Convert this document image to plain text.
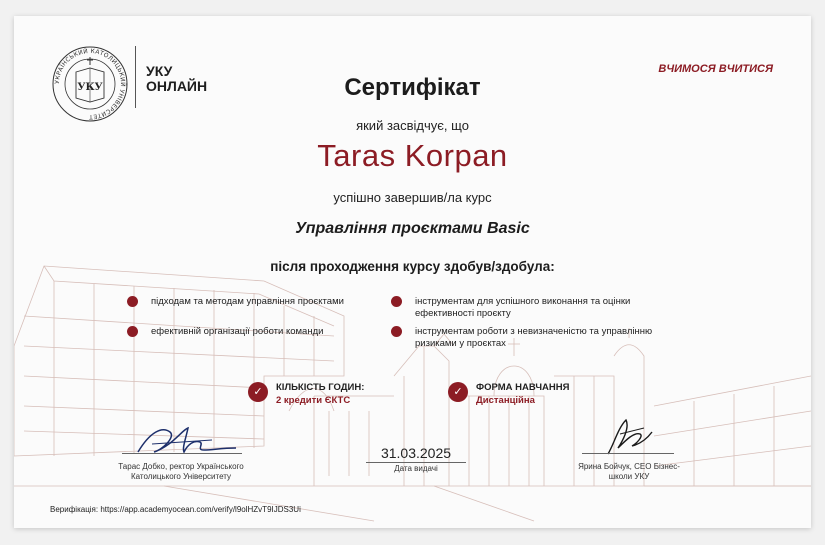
УКРАЇНСЬКИЙ КАТОЛИЦЬКИЙ УНІВЕРСИТЕТ
УКУ
УКУ
ОНЛАЙН
ВЧИМОСЯ ВЧИТИСЯ
Сертифікат
який засвідчує, що
Taras Korpan
успішно завершив/ла курс
Управління проєктами Basic
після проходження курсу здобув/здобула:
підходам та методам управління проєктами	інструментам для успішного виконання та оцінки ефективності проєкту
ефективній організації роботи команди	інструментам роботи з невизначеністю та управлінню ризиками у проєктах
✓	КІЛЬКІСТЬ ГОДИН:
2 кредити ЄКТС
✓	ФОРМА НАВЧАННЯ
Дистанційна
Тарас Добко, ректор Українського Католицького Університету
31.03.2025
Дата видачі	Ярина Бойчук, СЕО Бізнес-школи УКУ
Верифікація: https://app.academyocean.com/verify/l9olHZvT9IJDS3Ui
